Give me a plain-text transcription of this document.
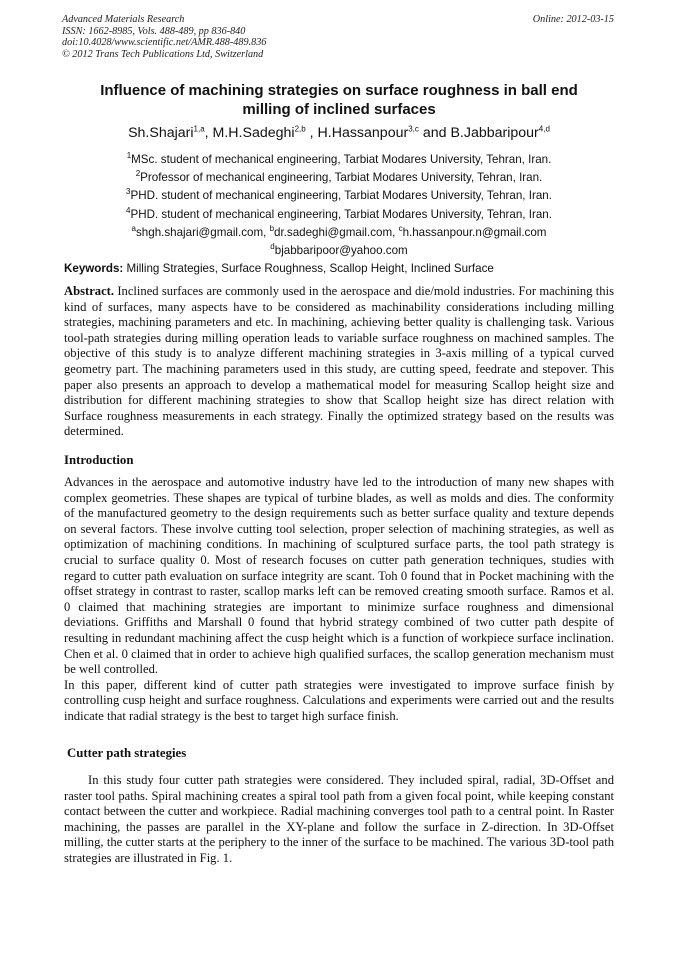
Advanced Materials Research
ISSN: 1662-8985, Vols. 488-489, pp 836-840
doi:10.4028/www.scientific.net/AMR.488-489.836
© 2012 Trans Tech Publications Ltd, Switzerland
Online: 2012-03-15
Influence of machining strategies on surface roughness in ball end
milling of inclined surfaces
Sh.Shajari$^{1,a}$, M.H.Sadeghi$^{2,b}$ , H.Hassanpour$^{3,c}$ and B.Jabbaripour$^{4,d}$
$^1$MSc. student of mechanical engineering, Tarbiat Modares University, Tehran, Iran.
$^2$Professor of mechanical engineering, Tarbiat Modares University, Tehran, Iran.
$^3$PHD. student of mechanical engineering, Tarbiat Modares University, Tehran, Iran.
$^4$PHD. student of mechanical engineering, Tarbiat Modares University, Tehran, Iran.
$^a$shgh.shajari@gmail.com, $^b$dr.sadeghi@gmail.com, $^c$h.hassanpour.n@gmail.com
$^d$bjabbaripoor@yahoo.com
Keywords: Milling Strategies, Surface Roughness, Scallop Height, Inclined Surface
Abstract. Inclined surfaces are commonly used in the aerospace and die/mold industries. For machining this kind of surfaces, many aspects have to be considered as machinability considerations including milling strategies, machining parameters and etc. In machining, achieving better quality is challenging task. Various tool-path strategies during milling operation leads to variable surface roughness on machined samples. The objective of this study is to analyze different machining strategies in 3-axis milling of a typical curved geometry part. The machining parameters used in this study, are cutting speed, feedrate and stepover. This paper also presents an approach to develop a mathematical model for measuring Scallop height size and distribution for different machining strategies to show that Scallop height size has direct relation with Surface roughness measurements in each strategy. Finally the optimized strategy based on the results was determined.
Introduction

Advances in the aerospace and automotive industry have led to the introduction of many new shapes with complex geometries. These shapes are typical of turbine blades, as well as molds and dies. The conformity of the manufactured geometry to the design requirements such as better surface quality and texture depends on several factors. These involve cutting tool selection, proper selection of machining strategies, as well as optimization of machining conditions. In machining of sculptured surface parts, the tool path strategy is crucial to surface quality 0. Most of research focuses on cutter path generation techniques, studies with regard to cutter path evaluation on surface integrity are scant. Toh 0 found that in Pocket machining with the offset strategy in contrast to raster, scallop marks left can be removed creating smooth surface. Ramos et al. 0 claimed that machining strategies are important to minimize surface roughness and dimensional deviations. Griffiths and Marshall 0 found that hybrid strategy combined of two cutter path despite of resulting in redundant machining affect the cusp height which is a function of workpiece surface inclination. Chen et al. 0 claimed that in order to achieve high qualified surfaces, the scallop generation mechanism must be well controlled.

In this paper, different kind of cutter path strategies were investigated to improve surface finish by controlling cusp height and surface roughness. Calculations and experiments were carried out and the results indicate that radial strategy is the best to target high surface finish.

Cutter path strategies

In this study four cutter path strategies were considered. They included spiral, radial, 3D-Offset and raster tool paths. Spiral machining creates a spiral tool path from a given focal point, while keeping constant contact between the cutter and workpiece. Radial machining converges tool path to a central point. In Raster machining, the passes are parallel in the XY-plane and follow the surface in Z-direction. In 3D-Offset milling, the cutter starts at the periphery to the inner of the surface to be machined. The various 3D-tool path strategies are illustrated in Fig. 1.
